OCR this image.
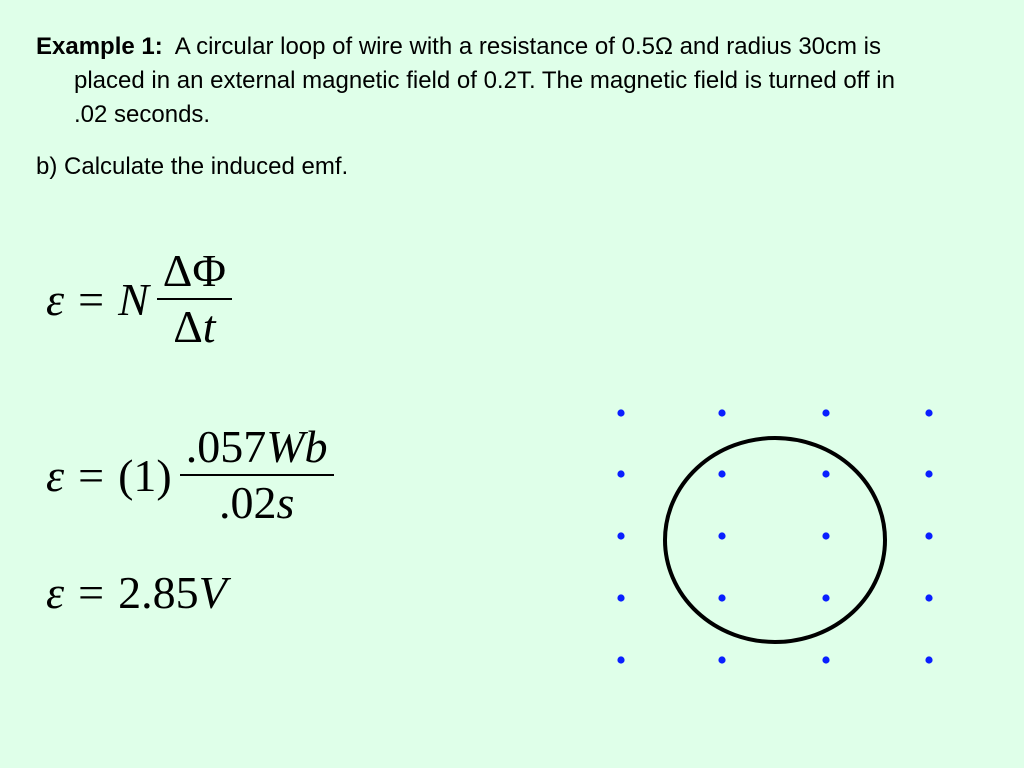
Example 1: A circular loop of wire with a resistance of 0.5Ω and radius 30cm is placed in an external magnetic field of 0.2T. The magnetic field is turned off in .02 seconds.
b) Calculate the induced emf.
ε = N $\frac{\Delta\Phi}{\Delta t}$
$\varepsilon = (1) \frac{.057Wb}{.02s}$
ε = 2.85 V
